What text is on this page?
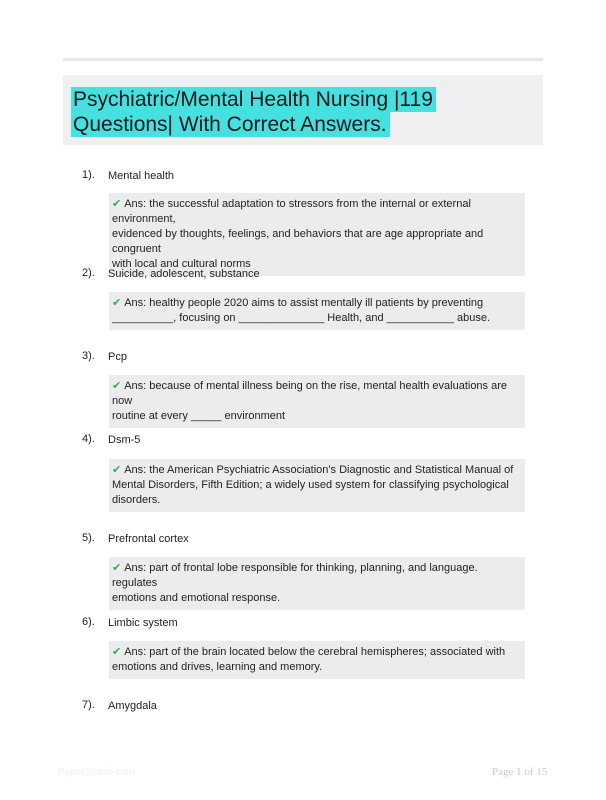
Psychiatric/Mental Health Nursing |119
Questions| With Correct Answers.
1). Mental health
✔ Ans: the successful adaptation to stressors from the internal or external environment,
evidenced by thoughts, feelings, and behaviors that are age appropriate and congruent
with local and cultural norms
2). Suicide, adolescent, substance
✔ Ans: healthy people 2020 aims to assist mentally ill patients by preventing
__________, focusing on ______________ Health, and ___________ abuse.
3). Pcp
✔ Ans: because of mental illness being on the rise, mental health evaluations are now
routine at every _____ environment
4). Dsm-5
✔ Ans: the American Psychiatric Association's Diagnostic and Statistical Manual of
Mental Disorders, Fifth Edition; a widely used system for classifying psychological
disorders.
5). Prefrontal cortex
✔ Ans: part of frontal lobe responsible for thinking, planning, and language. regulates
emotions and emotional response.
6). Limbic system
✔ Ans: part of the brain located below the cerebral hemispheres; associated with
emotions and drives, learning and memory.
7). Amygdala
PaperStudio.com	Page 1 of 15
